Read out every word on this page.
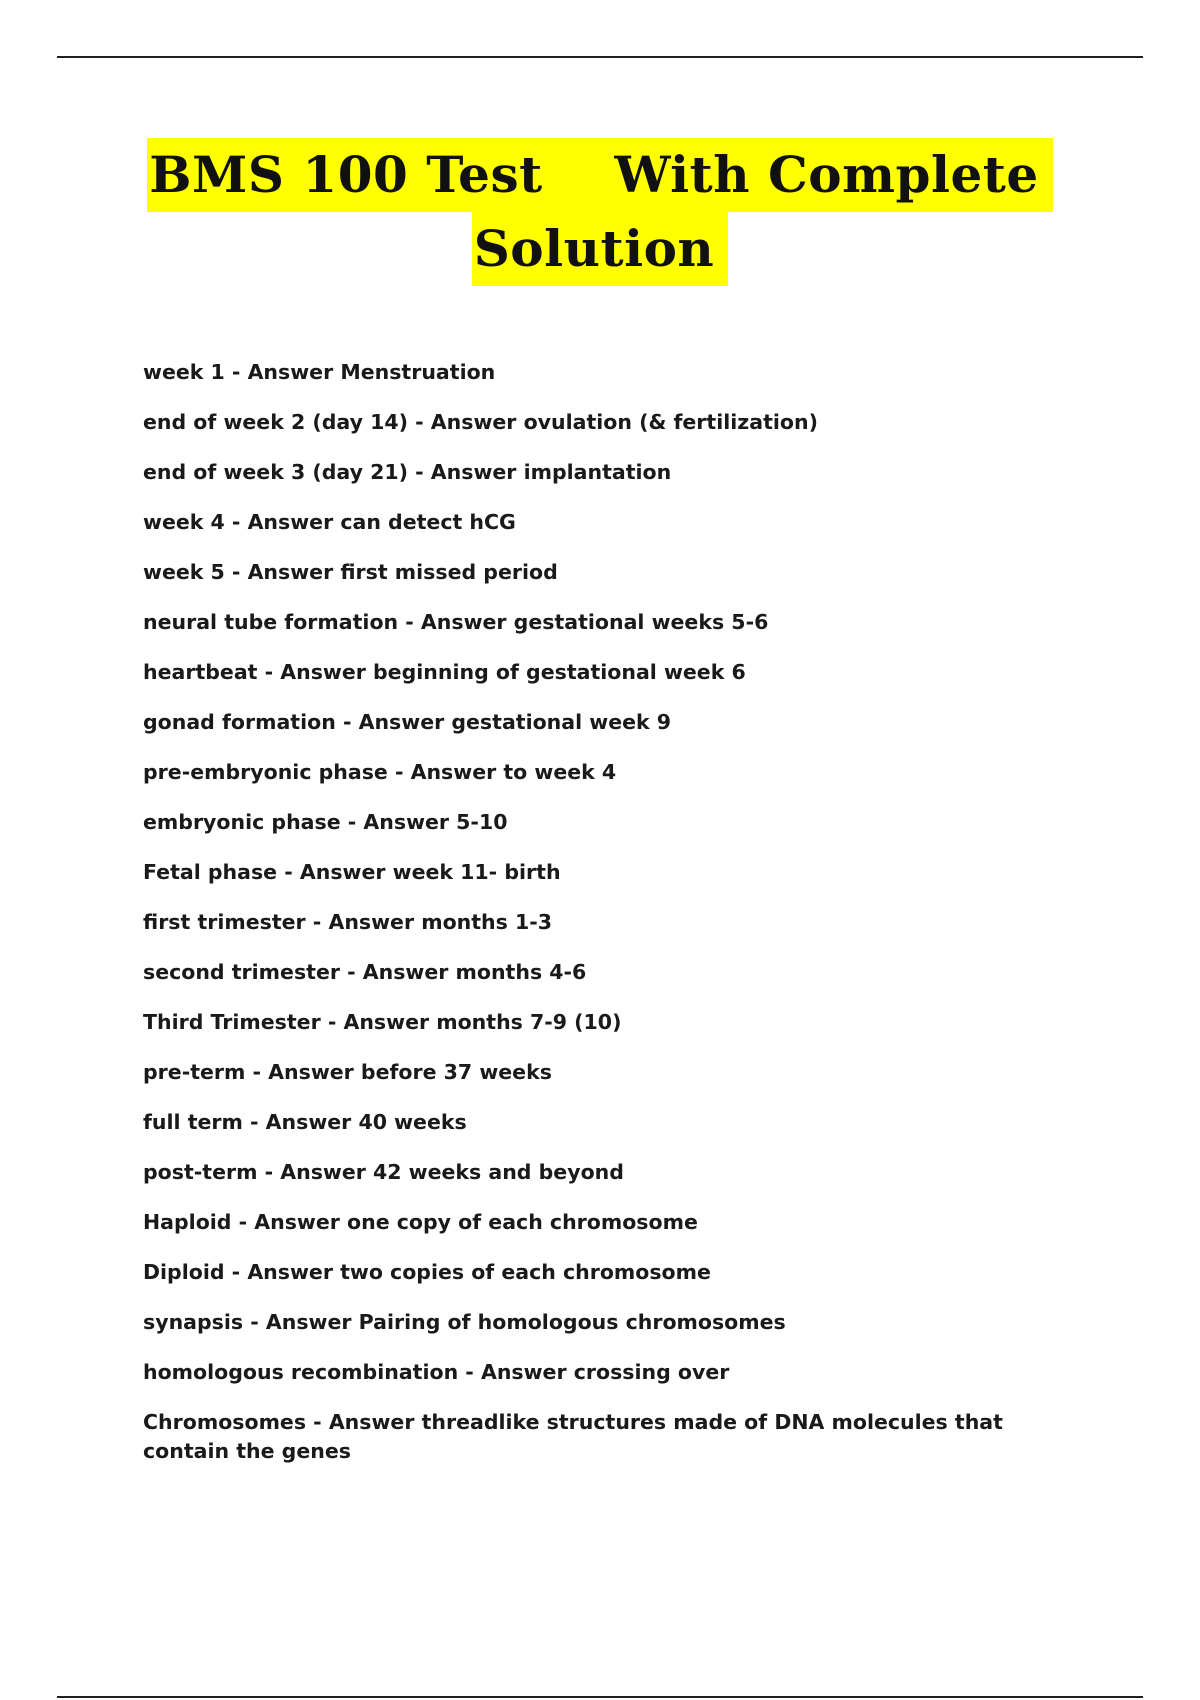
BMS 100 Test    With Complete
Solution
week 1 - Answer Menstruation
end of week 2 (day 14) - Answer ovulation (& fertilization)
end of week 3 (day 21) - Answer implantation
week 4 - Answer can detect hCG
week 5 - Answer first missed period
neural tube formation - Answer gestational weeks 5-6
heartbeat - Answer beginning of gestational week 6
gonad formation - Answer gestational week 9
pre-embryonic phase - Answer to week 4
embryonic phase - Answer 5-10
Fetal phase - Answer week 11- birth
first trimester - Answer months 1-3
second trimester - Answer months 4-6
Third Trimester - Answer months 7-9 (10)
pre-term - Answer before 37 weeks
full term - Answer 40 weeks
post-term - Answer 42 weeks and beyond
Haploid - Answer one copy of each chromosome
Diploid - Answer two copies of each chromosome
synapsis - Answer Pairing of homologous chromosomes
homologous recombination - Answer crossing over
Chromosomes - Answer threadlike structures made of DNA molecules that contain the genes
